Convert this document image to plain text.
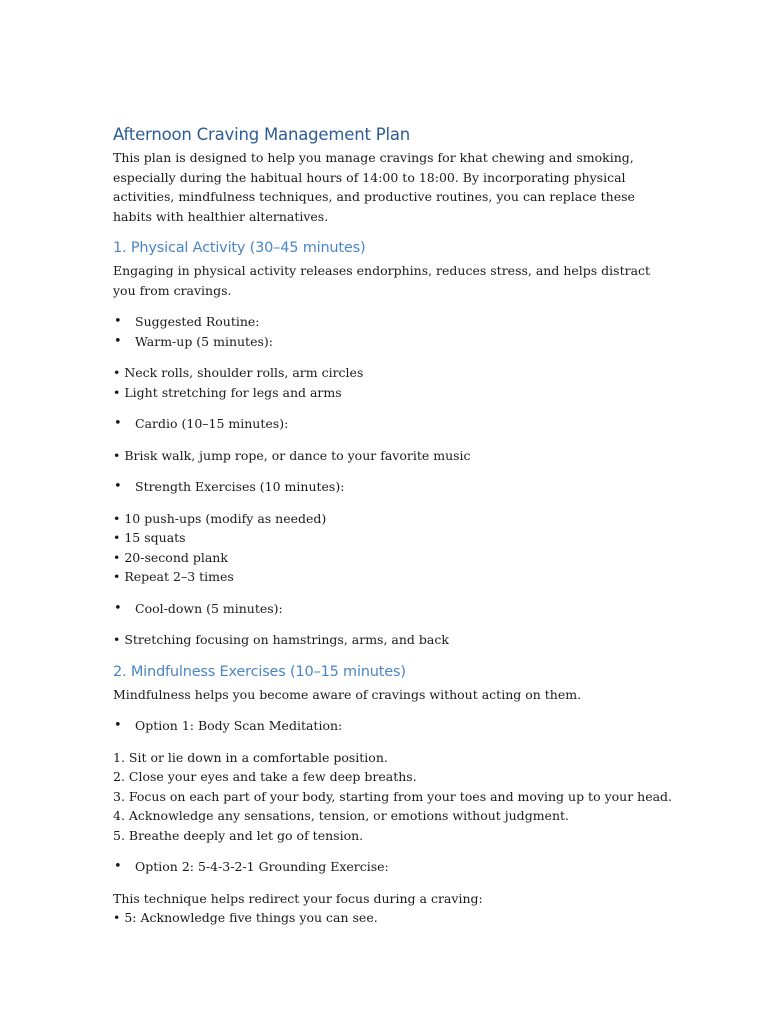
Afternoon Craving Management Plan

This plan is designed to help you manage cravings for khat chewing and smoking, especially during the habitual hours of 14:00 to 18:00. By incorporating physical activities, mindfulness techniques, and productive routines, you can replace these habits with healthier alternatives.

1. Physical Activity (30–45 minutes)

Engaging in physical activity releases endorphins, reduces stress, and helps distract you from cravings.

• Suggested Routine:
• Warm-up (5 minutes):
• Neck rolls, shoulder rolls, arm circles
• Light stretching for legs and arms
• Cardio (10–15 minutes):
• Brisk walk, jump rope, or dance to your favorite music
• Strength Exercises (10 minutes):
• 10 push-ups (modify as needed)
• 15 squats
• 20-second plank
• Repeat 2–3 times
• Cool-down (5 minutes):
• Stretching focusing on hamstrings, arms, and back
2. Mindfulness Exercises (10–15 minutes)

Mindfulness helps you become aware of cravings without acting on them.

• Option 1: Body Scan Meditation:
1. Sit or lie down in a comfortable position.
2. Close your eyes and take a few deep breaths.
3. Focus on each part of your body, starting from your toes and moving up to your head.
4. Acknowledge any sensations, tension, or emotions without judgment.
5. Breathe deeply and let go of tension.
• Option 2: 5-4-3-2-1 Grounding Exercise:
This technique helps redirect your focus during a craving:
• 5: Acknowledge five things you can see.
